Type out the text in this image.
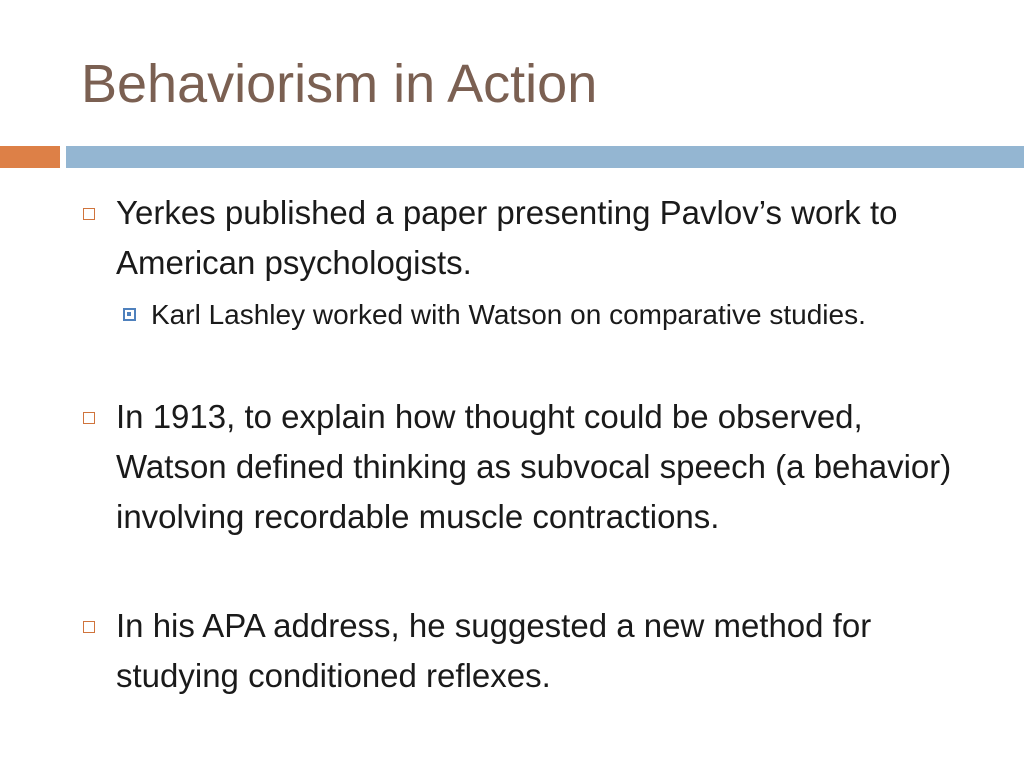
Behaviorism in Action
Yerkes published a paper presenting Pavlov’s work to American psychologists.
Karl Lashley worked with Watson on comparative studies.
In 1913, to explain how thought could be observed, Watson defined thinking as subvocal speech (a behavior) involving recordable muscle contractions.
In his APA address, he suggested a new method for studying conditioned reflexes.
